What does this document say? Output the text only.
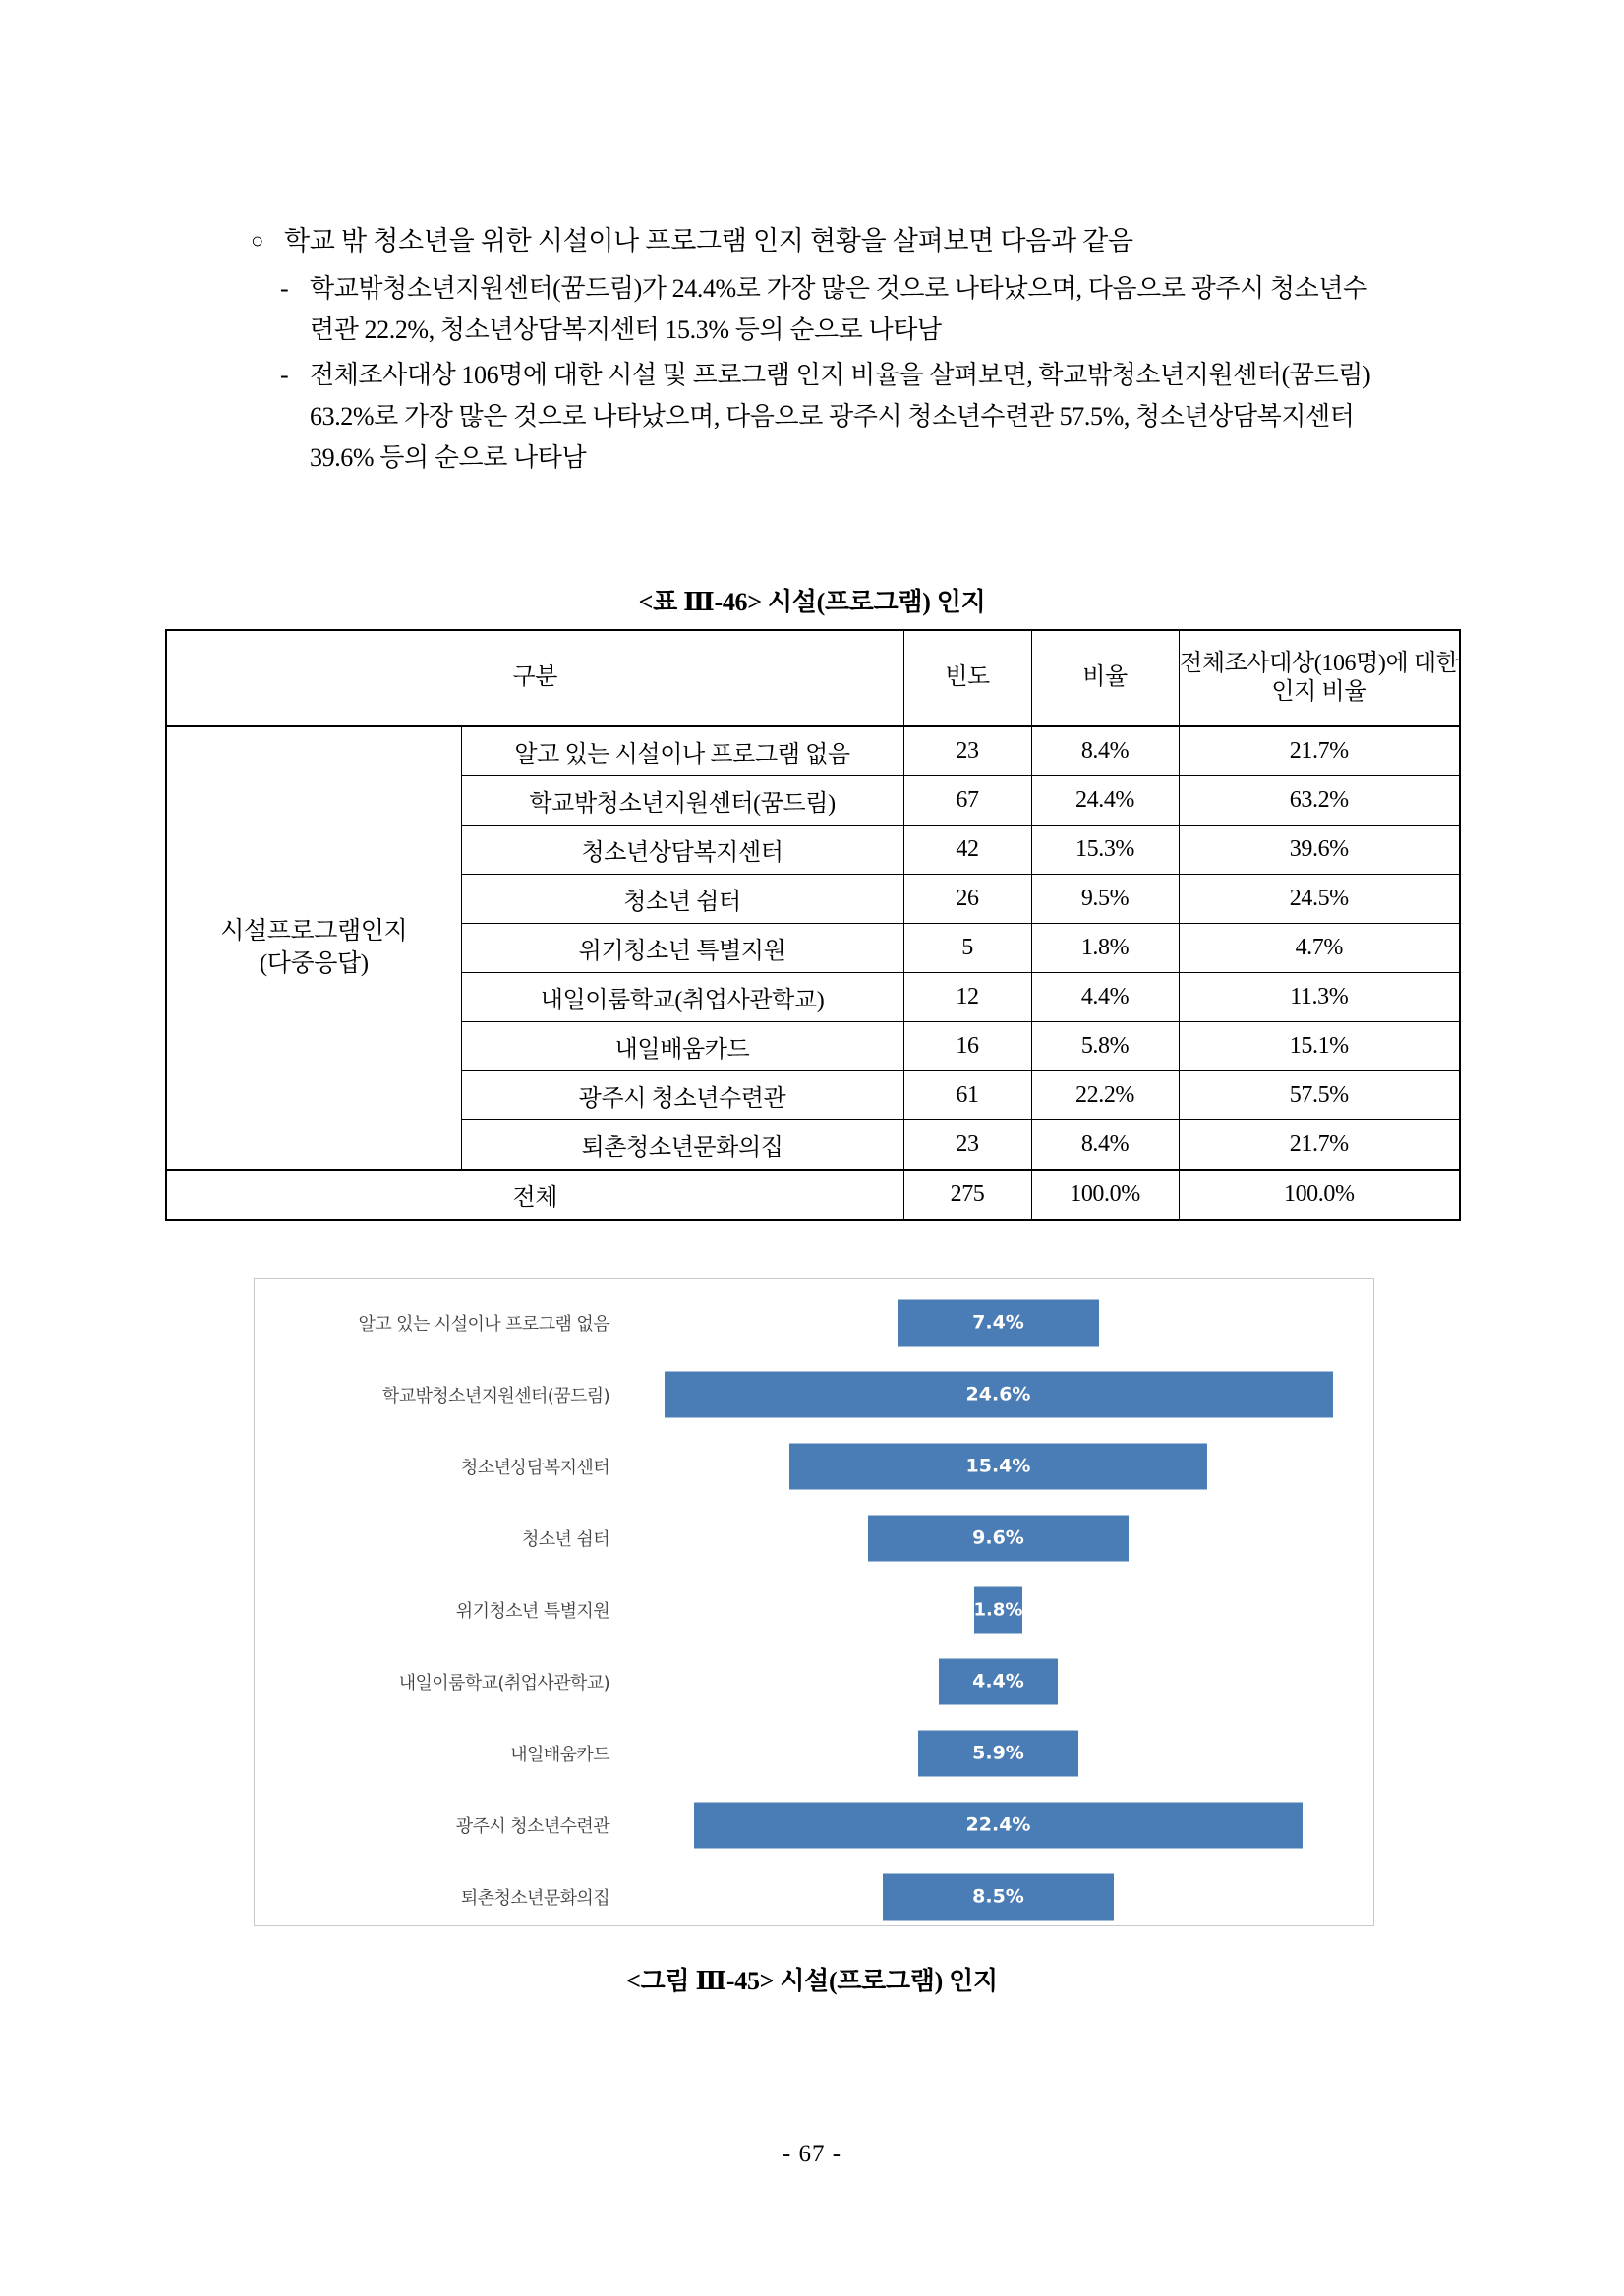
○ 학교 밖 청소년을 위한 시설이나 프로그램 인지 현황을 살펴보면 다음과 같음
- 학교밖청소년지원센터(꿈드림)가 24.4%로 가장 많은 것으로 나타났으며, 다음으로 광주시 청소년수련관 22.2%, 청소년상담복지센터 15.3% 등의 순으로 나타남
- 전체조사대상 106명에 대한 시설 및 프로그램 인지 비율을 살펴보면, 학교밖청소년지원센터(꿈드림) 63.2%로 가장 많은 것으로 나타났으며, 다음으로 광주시 청소년수련관 57.5%, 청소년상담복지센터 39.6% 등의 순으로 나타남
<표 Ⅲ-46> 시설(프로그램) 인지
구분		빈도	비율	전체조사대상(106명)에 대한 인지 비율
시설프로그램인지
(다중응답)	알고 있는 시설이나 프로그램 없음	23	8.4%	21.7%
	학교밖청소년지원센터(꿈드림)	67	24.4%	63.2%
	청소년상담복지센터	42	15.3%	39.6%
	청소년 쉼터	26	9.5%	24.5%
	위기청소년 특별지원	5	1.8%	4.7%
	내일이룸학교(취업사관학교)	12	4.4%	11.3%
	내일배움카드	16	5.8%	15.1%
	광주시 청소년수련관	61	22.2%	57.5%
	퇴촌청소년문화의집	23	8.4%	21.7%
전체		275	100.0%	100.0%
알고 있는 시설이나 프로그램 없음	7.4%
학교밖청소년지원센터(꿈드림)	24.6%
청소년상담복지센터	15.4%
청소년 쉼터	9.6%
위기청소년 특별지원	1.8%
내일이룸학교(취업사관학교)	4.4%
내일배움카드	5.9%
광주시 청소년수련관	22.4%
퇴촌청소년문화의집	8.5%
<그림 Ⅲ-45> 시설(프로그램) 인지
- 67 -
